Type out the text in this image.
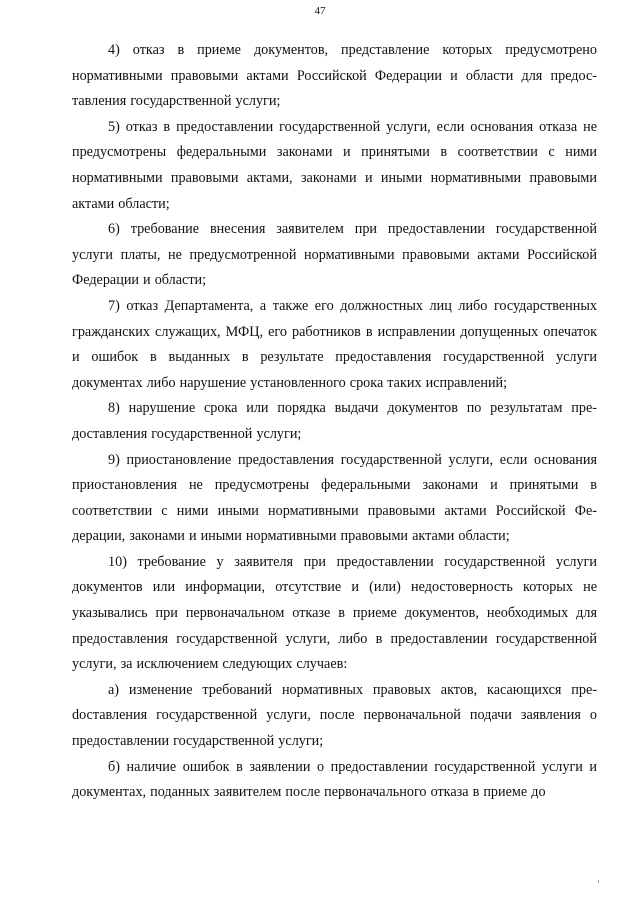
47

4) отказ в приеме документов, представление которых предусмотрено нормативными правовыми актами Российской Федерации и области для предоставления государственной услуги;

5) отказ в предоставлении государственной услуги, если основания отказа не предусмотрены федеральными законами и принятыми в соответствии с ними нормативными правовыми актами, законами и иными нормативными правовыми актами области;

6) требование внесения заявителем при предоставлении государственной услуги платы, не предусмотренной нормативными правовыми актами Российской Федерации и области;

7) отказ Департамента, а также его должностных лиц либо государственных гражданских служащих, МФЦ, его работников в исправлении допущенных опечаток и ошибок в выданных в результате предоставления государственной услуги документах либо нарушение установленного срока таких исправлений;

8) нарушение срока или порядка выдачи документов по результатам предоставления государственной услуги;

9) приостановление предоставления государственной услуги, если основания приостановления не предусмотрены федеральными законами и принятыми в соответствии с ними иными нормативными правовыми актами Российской Федерации, законами и иными нормативными правовыми актами области;

10) требование у заявителя при предоставлении государственной услуги документов или информации, отсутствие и (или) недостоверность которых не указывались при первоначальном отказе в приеме документов, необходимых для предоставления государственной услуги, либо в предоставлении государственной услуги, за исключением следующих случаев:

а) изменение требований нормативных правовых актов, касающихся преdоставления государственной услуги, после первоначальной подачи заявления о предоставлении государственной услуги;

б) наличие ошибок в заявлении о предоставлении государственной услуги и документах, поданных заявителем после первоначального отказа в приеме до
